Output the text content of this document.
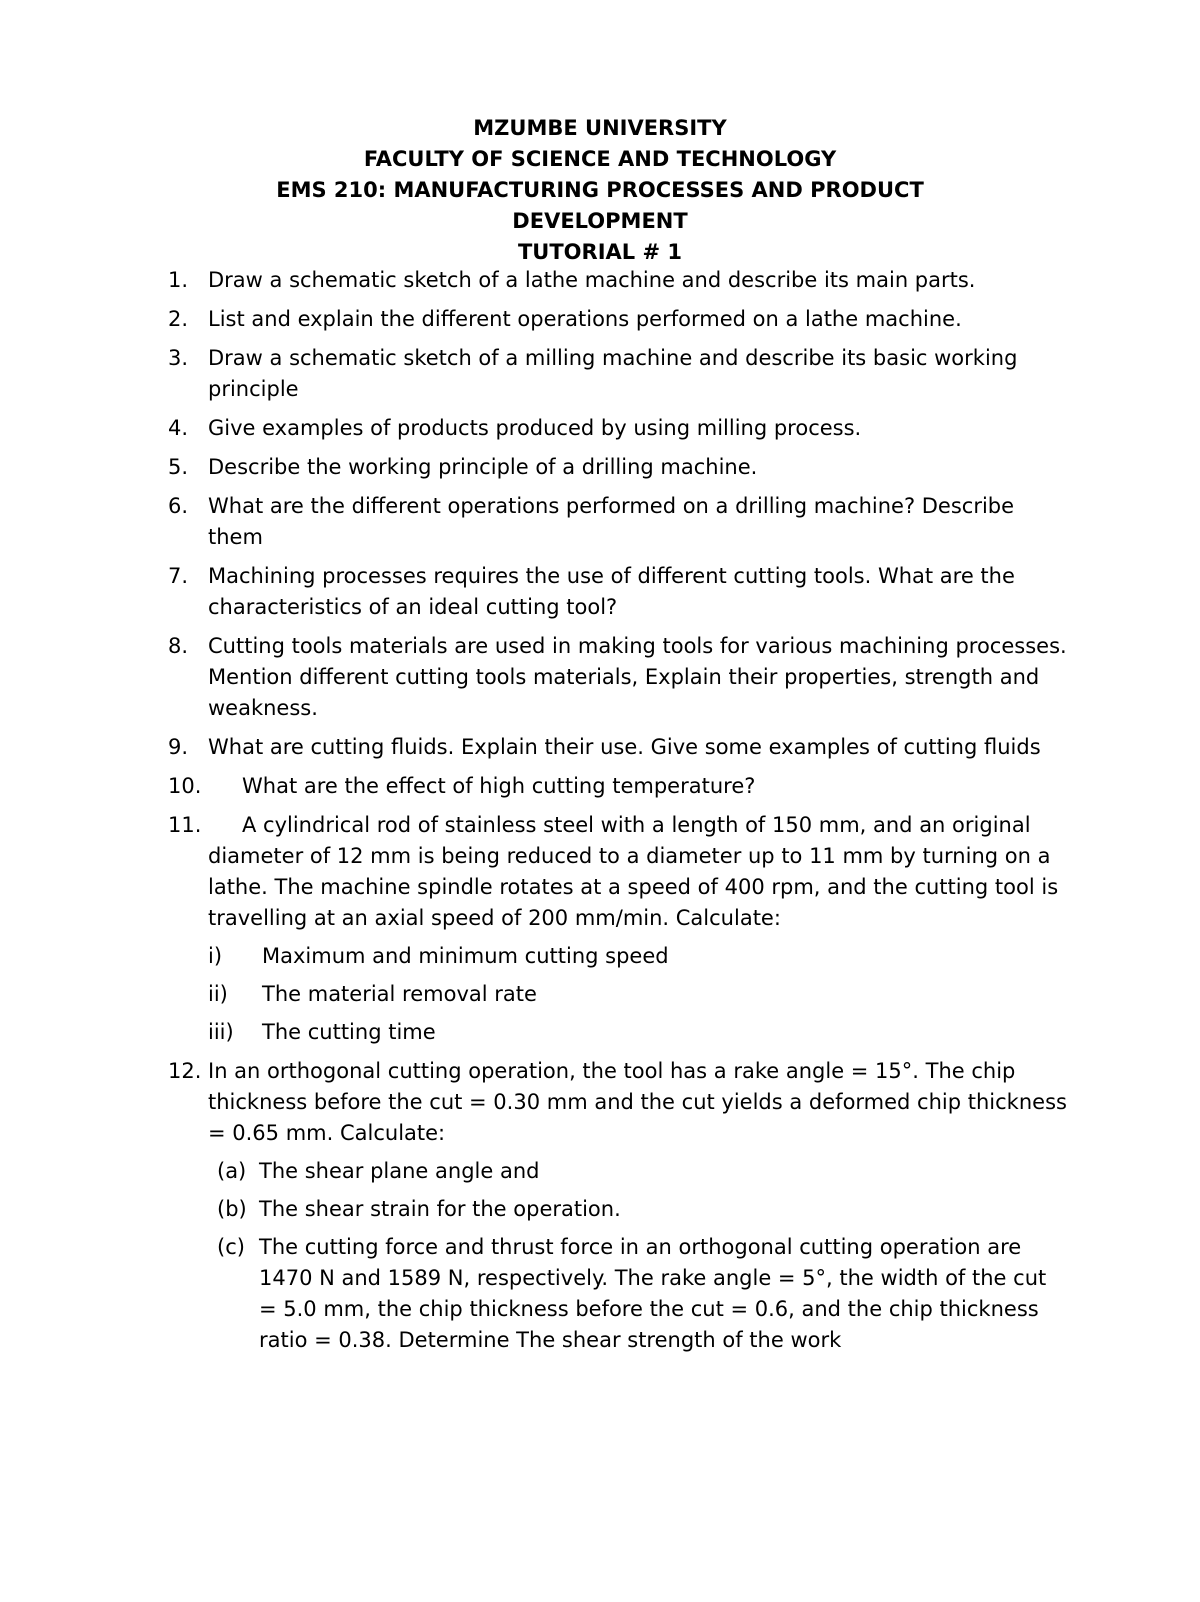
MZUMBE UNIVERSITY
FACULTY OF SCIENCE AND TECHNOLOGY
EMS 210: MANUFACTURING PROCESSES AND PRODUCT
DEVELOPMENT
TUTORIAL # 1
1. Draw a schematic sketch of a lathe machine and describe its main parts.
2. List and explain the different operations performed on a lathe machine.
3. Draw a schematic sketch of a milling machine and describe its basic working principle
4. Give examples of products produced by using milling process.
5. Describe the working principle of a drilling machine.
6. What are the different operations performed on a drilling machine? Describe them
7. Machining processes requires the use of different cutting tools. What are the characteristics of an ideal cutting tool?
8. Cutting tools materials are used in making tools for various machining processes. Mention different cutting tools materials, Explain their properties, strength and weakness.
9. What are cutting fluids. Explain their use. Give some examples of cutting fluids
10. What are the effect of high cutting temperature?
11. A cylindrical rod of stainless steel with a length of 150 mm, and an original diameter of 12 mm is being reduced to a diameter up to 11 mm by turning on a lathe. The machine spindle rotates at a speed of 400 rpm, and the cutting tool is travelling at an axial speed of 200 mm/min. Calculate:
i) Maximum and minimum cutting speed
ii) The material removal rate
iii) The cutting time
12. In an orthogonal cutting operation, the tool has a rake angle = 15°. The chip thickness before the cut = 0.30 mm and the cut yields a deformed chip thickness = 0.65 mm. Calculate:
(a) The shear plane angle and
(b) The shear strain for the operation.
(c) The cutting force and thrust force in an orthogonal cutting operation are 1470 N and 1589 N, respectively. The rake angle = 5°, the width of the cut = 5.0 mm, the chip thickness before the cut = 0.6, and the chip thickness ratio = 0.38. Determine The shear strength of the work
